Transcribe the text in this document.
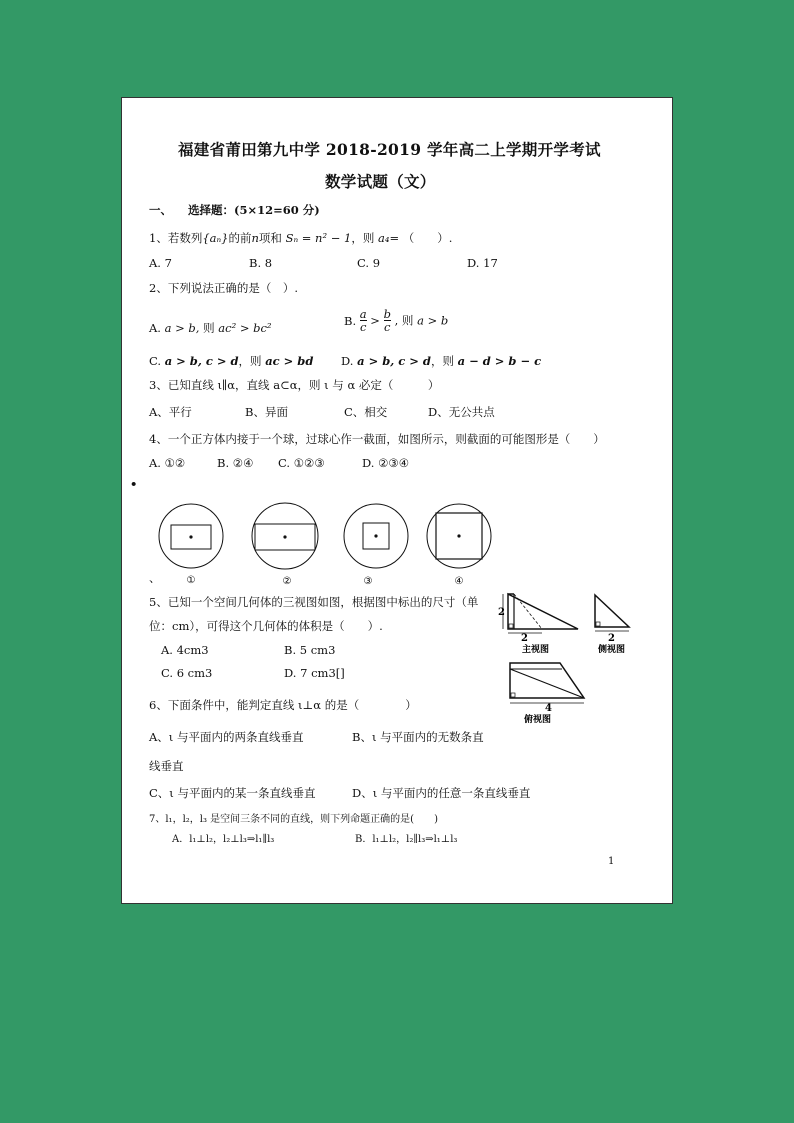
福建省莆田第九中学 2018-2019 学年高二上学期开学考试
数学试题（文）
一、 选择题：(5×12=60 分)
1、若数列{aₙ}的前n项和 Sₙ = n² − 1，则 a₄= （　　）.
A. 7	B. 8	C. 9	D. 17
2、下列说法正确的是（　）.
A. a > b, 则 ac² > bc²
B. $\frac{a}{c} > \frac{b}{c}$ , 则 a > b
C. a > b, c > d，则 ac > bd D. a > b, c > d，则 a − d > b − c
3、已知直线 ι∥α，直线 a⊂α，则 ι 与 α 必定（　　　）
A、平行	B、异面	C、相交	D、无公共点
4、一个正方体内接于一个球，过球心作一截面，如图所示，则截面的可能图形是（　　）
A. ①②	B. ②④ C. ①②③	D. ②③④
•
、	①	②	③	④
5、已知一个空间几何体的三视图如图，根据图中标出的尺寸（单
位：cm），可得这个几何体的体积是（　　）.
A. 4cm3	B. 5 cm3
C. 6 cm3	D. 7 cm3[]
2
2
主视图
2
侧视图
4
俯视图
6、下面条件中，能判定直线 ι⊥α 的是（　　　　）
A、ι 与平面内的两条直线垂直	B、ι 与平面内的无数条直
线垂直
C、ι 与平面内的某一条直线垂直	D、ι 与平面内的任意一条直线垂直
7、l₁，l₂，l₃ 是空间三条不同的直线，则下列命题正确的是(　　)
A．l₁⊥l₂，l₂⊥l₃⇒l₁∥l₃	B．l₁⊥l₂，l₂∥l₃⇒l₁⊥l₃
1
